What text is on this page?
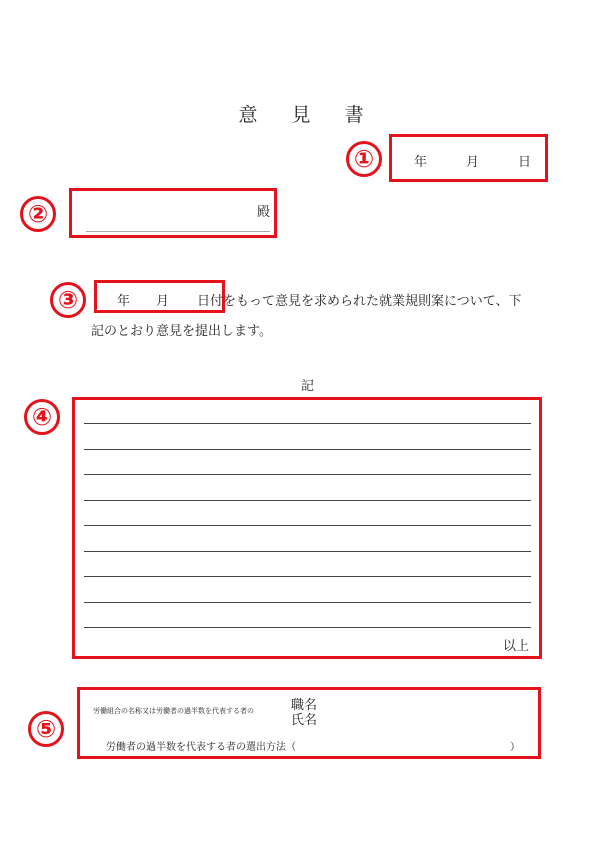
意 見 書
①	年	月	日
②	殿
③	年 月 日 付をもって意見を求められた就業規則案について、下
記のとおり意見を提出します。
記
④
以上
⑤
労働組合の名称又は労働者の過半数を代表する者の	職名
氏名
労働者の過半数を代表する者の選出方法（	）
